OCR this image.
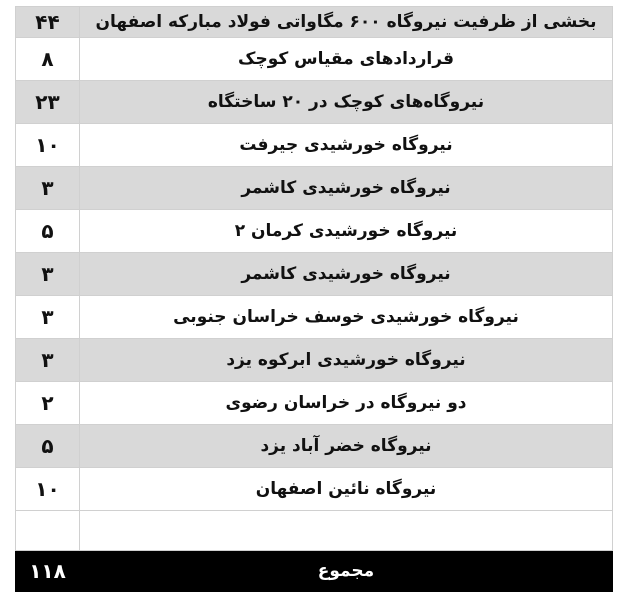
۴۴	بخشی از ظرفیت نیروگاه ۶۰۰ مگاواتی فولاد مبارکه اصفهان
۸	قراردادهای مقیاس کوچک
۲۳	نیروگاه‌های کوچک در ۲۰ ساختگاه
۱۰	نیروگاه خورشیدی جیرفت
۳	نیروگاه خورشیدی کاشمر
۵	نیروگاه خورشیدی کرمان ۲
۳	نیروگاه خورشیدی کاشمر
۳	نیروگاه خورشیدی خوسف خراسان جنوبی
۳	نیروگاه خورشیدی ابرکوه یزد
۲	دو نیروگاه در خراسان رضوی
۵	نیروگاه خضر آباد یزد
۱۰	نیروگاه نائین اصفهان

۱۱۸	مجموع
